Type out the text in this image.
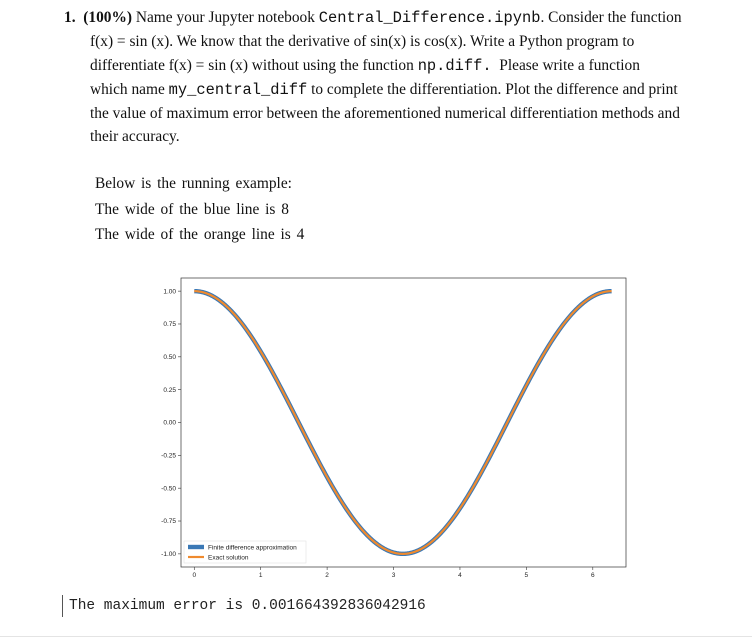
1. (100%) Name your Jupyter notebook Central_Difference.ipynb. Consider the function
f(x) = sin (x). We know that the derivative of sin(x) is cos(x). Write a Python program to
differentiate f(x) = sin (x) without using the function np.diff. Please write a function
which name my_central_diff to complete the differentiation. Plot the difference and print
the value of maximum error between the aforementioned numerical differentiation methods and
their accuracy.
Below is the running example:
The wide of the blue line is 8
The wide of the orange line is 4
1.00
0.75
0.50
0.25
0.00
-0.25
-0.50
-0.75
-1.00
0	1	2	3	4	5	6
Finite difference approximation
Exact solution
The maximum error is 0.001664392836042916
